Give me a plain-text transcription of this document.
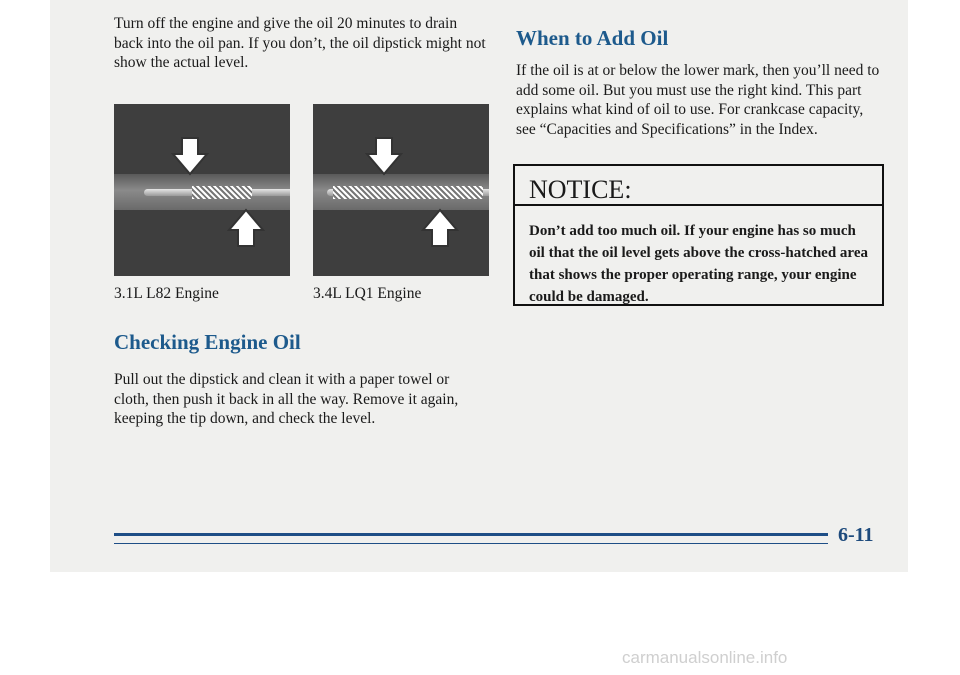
Turn off the engine and give the oil 20 minutes to drain back into the oil pan. If you don’t, the oil dipstick might not show the actual level.

3.1L L82 Engine	3.4L LQ1 Engine

Checking Engine Oil

Pull out the dipstick and clean it with a paper towel or cloth, then push it back in all the way. Remove it again, keeping the tip down, and check the level.

When to Add Oil

If the oil is at or below the lower mark, then you’ll need to add some oil. But you must use the right kind. This part explains what kind of oil to use. For crankcase capacity, see “Capacities and Specifications” in the Index.

NOTICE:

Don’t add too much oil. If your engine has so much oil that the oil level gets above the cross-hatched area that shows the proper operating range, your engine could be damaged.

6-11

carmanualsonline.info
